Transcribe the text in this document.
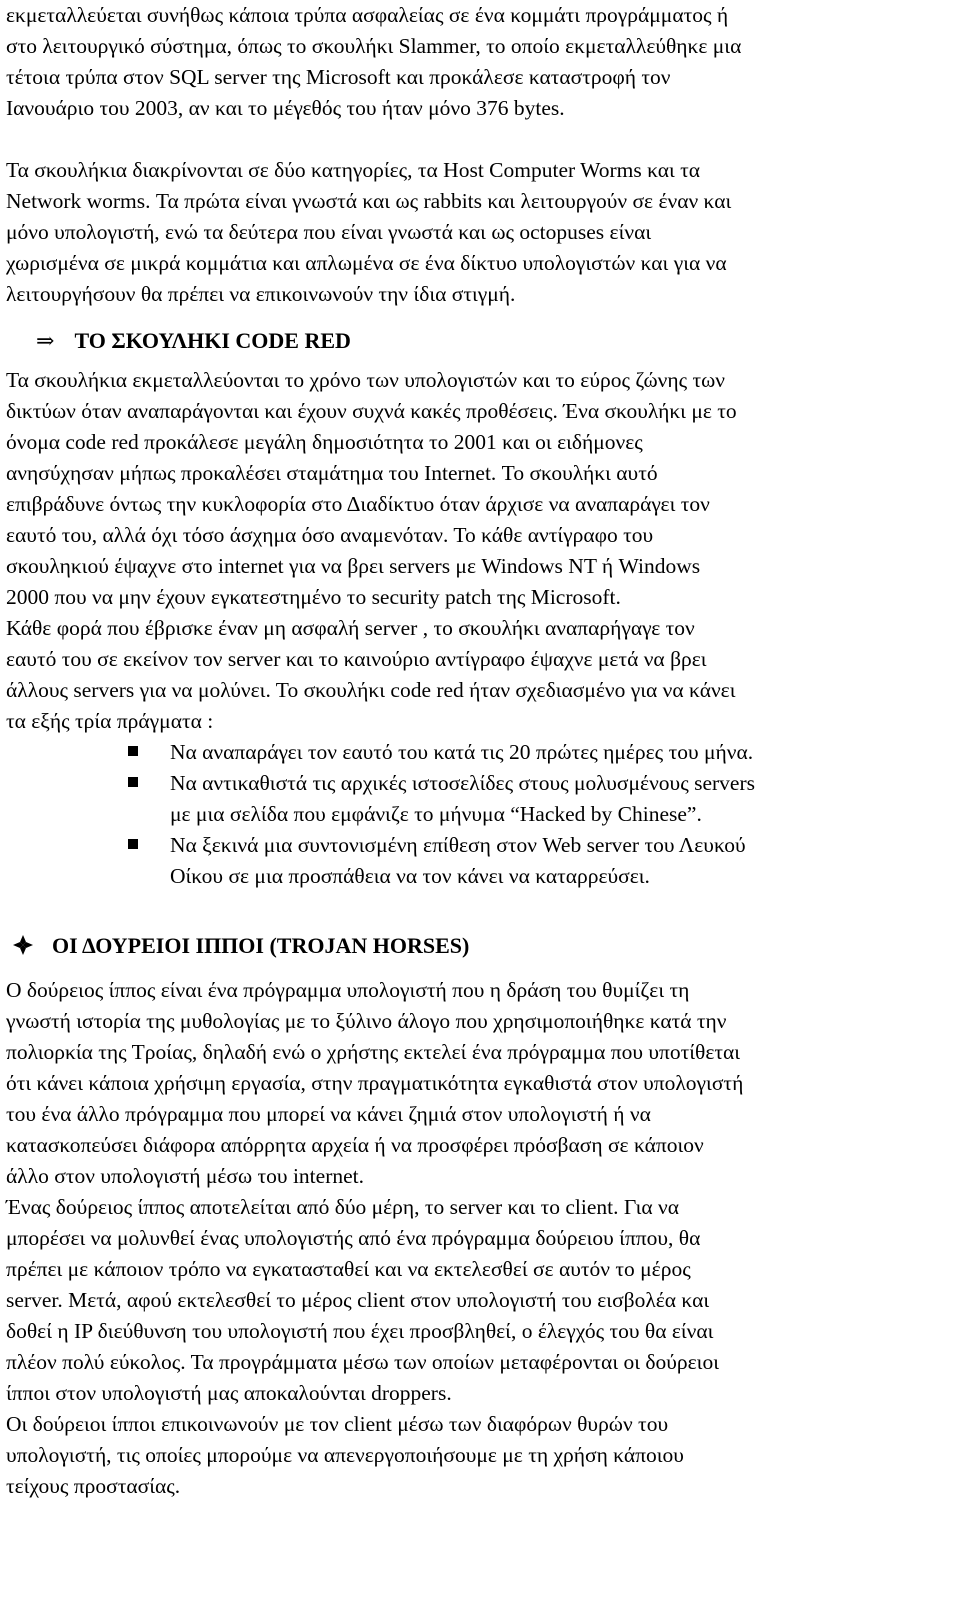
εκμεταλλεύεται συνήθως κάποια τρύπα ασφαλείας σε ένα κομμάτι προγράμματος ή
στο λειτουργικό σύστημα, όπως το σκουλήκι Slammer, το οποίο εκμεταλλεύθηκε μια
τέτοια τρύπα στον SQL server της Microsoft και προκάλεσε καταστροφή τον
Ιανουάριο του 2003, αν και το μέγεθός του ήταν μόνο 376 bytes.
Τα σκουλήκια διακρίνονται σε δύο κατηγορίες, τα Host Computer Worms και τα
Network worms. Τα πρώτα είναι γνωστά και ως rabbits και λειτουργούν σε έναν και
μόνο υπολογιστή, ενώ τα δεύτερα που είναι γνωστά και ως octopuses είναι
χωρισμένα σε μικρά κομμάτια και απλωμένα σε ένα δίκτυο υπολογιστών και για να
λειτουργήσουν θα πρέπει να επικοινωνούν την ίδια στιγμή.
⇒ ΤΟ ΣΚΟΥΛΗΚΙ CODE RED
Τα σκουλήκια εκμεταλλεύονται το χρόνο των υπολογιστών και το εύρος ζώνης των
δικτύων όταν αναπαράγονται και έχουν συχνά κακές προθέσεις. Ένα σκουλήκι με το
όνομα code red προκάλεσε μεγάλη δημοσιότητα το 2001 και οι ειδήμονες
ανησύχησαν μήπως προκαλέσει σταμάτημα του Internet. Το σκουλήκι αυτό
επιβράδυνε όντως την κυκλοφορία στο Διαδίκτυο όταν άρχισε να αναπαράγει τον
εαυτό του, αλλά όχι τόσο άσχημα όσο αναμενόταν. Το κάθε αντίγραφο του
σκουληκιού έψαχνε στο internet για να βρει servers με Windows NT ή Windows
2000 που να μην έχουν εγκατεστημένο το security patch της Microsoft.
Κάθε φορά που έβρισκε έναν μη ασφαλή server , το σκουλήκι αναπαρήγαγε τον
εαυτό του σε εκείνον τον server και το καινούριο αντίγραφο έψαχνε μετά να βρει
άλλους servers για να μολύνει. Το σκουλήκι code red ήταν σχεδιασμένο για να κάνει
τα εξής τρία πράγματα :
Να αναπαράγει τον εαυτό του κατά τις 20 πρώτες ημέρες του μήνα.
Να αντικαθιστά τις αρχικές ιστοσελίδες στους μολυσμένους servers
με μια σελίδα που εμφάνιζε το μήνυμα “Hacked by Chinese”.
Να ξεκινά μια συντονισμένη επίθεση στον Web server του Λευκού
Οίκου σε μια προσπάθεια να τον κάνει να καταρρεύσει.
ΟΙ ΔΟΥΡΕΙΟΙ ΙΠΠΟΙ (TROJAN HORSES)
Ο δούρειος ίππος είναι ένα πρόγραμμα υπολογιστή που η δράση του θυμίζει τη
γνωστή ιστορία της μυθολογίας με το ξύλινο άλογο που χρησιμοποιήθηκε κατά την
πολιορκία της Τροίας, δηλαδή ενώ ο χρήστης εκτελεί ένα πρόγραμμα που υποτίθεται
ότι κάνει κάποια χρήσιμη εργασία, στην πραγματικότητα εγκαθιστά στον υπολογιστή
του ένα άλλο πρόγραμμα που μπορεί να κάνει ζημιά στον υπολογιστή ή να
κατασκοπεύσει διάφορα απόρρητα αρχεία ή να προσφέρει πρόσβαση σε κάποιον
άλλο στον υπολογιστή μέσω του internet.
Ένας δούρειος ίππος αποτελείται από δύο μέρη, το server και το client. Για να
μπορέσει να μολυνθεί ένας υπολογιστής από ένα πρόγραμμα δούρειου ίππου, θα
πρέπει με κάποιον τρόπο να εγκατασταθεί και να εκτελεσθεί σε αυτόν το μέρος
server. Μετά, αφού εκτελεσθεί το μέρος client στον υπολογιστή του εισβολέα και
δοθεί η IP διεύθυνση του υπολογιστή που έχει προσβληθεί, ο έλεγχός του θα είναι
πλέον πολύ εύκολος. Τα προγράμματα μέσω των οποίων μεταφέρονται οι δούρειοι
ίπποι στον υπολογιστή μας αποκαλούνται droppers.
Οι δούρειοι ίπποι επικοινωνούν με τον client μέσω των διαφόρων θυρών του
υπολογιστή, τις οποίες μπορούμε να απενεργοποιήσουμε με τη χρήση κάποιου
τείχους προστασίας.
